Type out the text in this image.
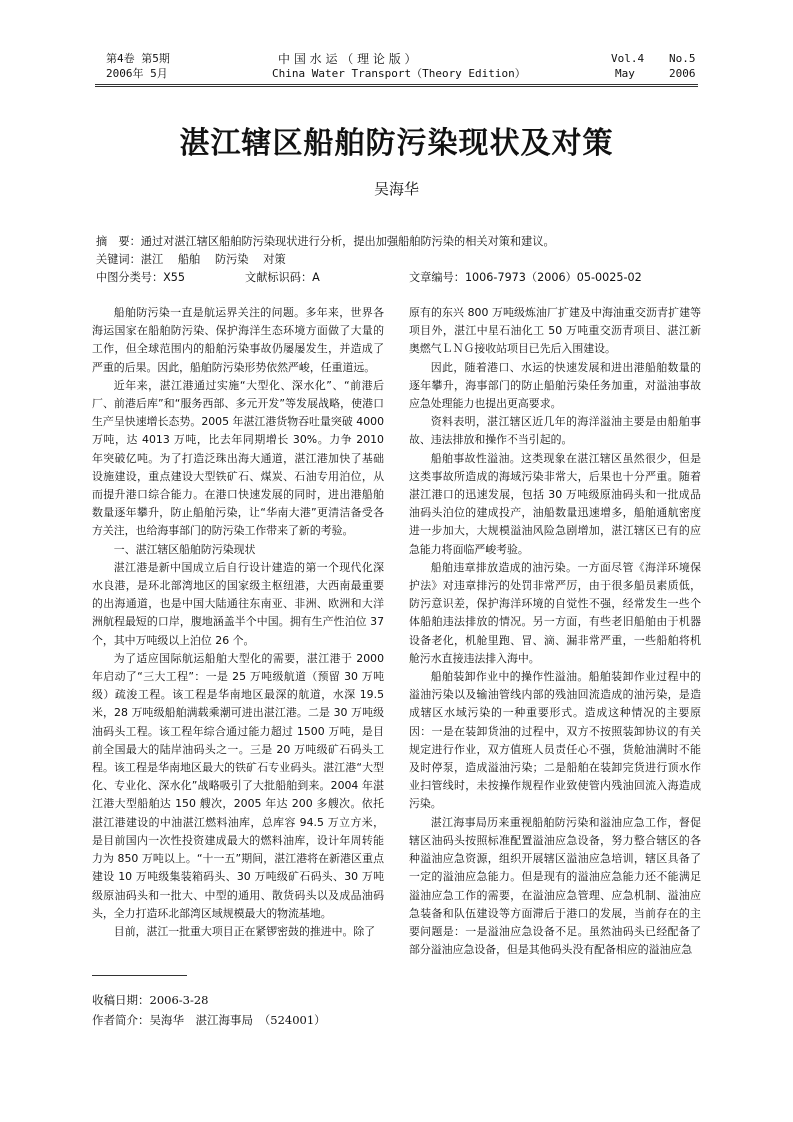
第4卷 第5期
2006年 5月
中 国 水 运 （ 理 论 版 ）
China Water Transport（Theory Edition）
Vol.4 No.5
May	2006
湛江辖区船舶防污染现状及对策
吴海华
摘　要：通过对湛江辖区船舶防污染现状进行分析，提出加强船舶防污染的相关对策和建议。
关键词：湛江　 船舶　 防污染　 对策
中图分类号：X55	文献标识码：A	文章编号：1006-7973（2006）05-0025-02

船舶防污染一直是航运界关注的问题。多年来，世界各海运国家在船舶防污染、保护海洋生态环境方面做了大量的工作，但全球范围内的船舶污染事故仍屡屡发生，并造成了严重的后果。因此，船舶防污染形势依然严峻，任重道远。

近年来，湛江港通过实施“大型化、深水化”、“前港后厂、前港后库”和“服务西部、多元开发”等发展战略，使港口生产呈快速增长态势。2005 年湛江港货物吞吐量突破 4000 万吨，达 4013 万吨，比去年同期增长 30%。力争 2010 年突破亿吨。为了打造泛珠出海大通道，湛江港加快了基础设施建设，重点建设大型铁矿石、煤炭、石油专用泊位，从而提升港口综合能力。在港口快速发展的同时，进出港船舶数量逐年攀升，防止船舶污染，让“华南大港”更清洁备受各方关注，也给海事部门的防污染工作带来了新的考验。

一、湛江辖区船舶防污染现状

湛江港是新中国成立后自行设计建造的第一个现代化深水良港，是环北部湾地区的国家级主枢纽港，大西南最重要的出海通道，也是中国大陆通往东南亚、非洲、欧洲和大洋洲航程最短的口岸，腹地涵盖半个中国。拥有生产性泊位 37 个，其中万吨级以上泊位 26 个。

为了适应国际航运船舶大型化的需要，湛江港于 2000 年启动了“三大工程”：一是 25 万吨级航道（预留 30 万吨级）疏浚工程。该工程是华南地区最深的航道，水深 19.5 米，28 万吨级船舶满载乘潮可进出湛江港。二是 30 万吨级油码头工程。该工程年综合通过能力超过 1500 万吨，是目前全国最大的陆岸油码头之一。三是 20 万吨级矿石码头工程。该工程是华南地区最大的铁矿石专业码头。湛江港“大型化、专业化、深水化”战略吸引了大批船舶到来。2004 年湛江港大型船舶达 150 艘次，2005 年达 200 多艘次。依托湛江港建设的中油湛江燃料油库，总库容 94.5 万立方米，是目前国内一次性投资建成最大的燃料油库，设计年周转能力为 850 万吨以上。“十一五”期间，湛江港将在新港区重点建设 10 万吨级集装箱码头、30 万吨级矿石码头、30 万吨级原油码头和一批大、中型的通用、散货码头以及成品油码头，全力打造环北部湾区域规模最大的物流基地。

目前，湛江一批重大项目正在紧锣密鼓的推进中。除了

原有的东兴 800 万吨级炼油厂扩建及中海油重交沥青扩建等项目外，湛江中星石油化工 50 万吨重交沥青项目、湛江新奥燃气ＬＮＧ接收站项目已先后入围建设。

因此，随着港口、水运的快速发展和进出港船舶数量的逐年攀升，海事部门的防止船舶污染任务加重，对溢油事故应急处理能力也提出更高要求。

资料表明，湛江辖区近几年的海洋溢油主要是由船舶事故、违法排放和操作不当引起的。

船舶事故性溢油。这类现象在湛江辖区虽然很少，但是这类事故所造成的海域污染非常大，后果也十分严重。随着湛江港口的迅速发展，包括 30 万吨级原油码头和一批成品油码头泊位的建成投产，油船数量迅速增多，船舶通航密度进一步加大，大规模溢油风险急剧增加，湛江辖区已有的应急能力将面临严峻考验。

船舶违章排放造成的油污染。一方面尽管《海洋环境保护法》对违章排污的处罚非常严厉，由于很多船员素质低，防污意识差，保护海洋环境的自觉性不强，经常发生一些个体船舶违法排放的情况。另一方面，有些老旧船舶由于机器设备老化，机舱里跑、冒、滴、漏非常严重，一些船舶将机舱污水直接违法排入海中。

船舶装卸作业中的操作性溢油。船舶装卸作业过程中的溢油污染以及输油管线内部的残油回流造成的油污染，是造成辖区水域污染的一种重要形式。造成这种情况的主要原因：一是在装卸货油的过程中，双方不按照装卸协议的有关规定进行作业，双方值班人员责任心不强，货舱油满时不能及时停泵，造成溢油污染；二是船舶在装卸完货进行顶水作业扫管线时，未按操作规程作业致使管内残油回流入海造成污染。

湛江海事局历来重视船舶防污染和溢油应急工作，督促辖区油码头按照标准配置溢油应急设备，努力整合辖区的各种溢油应急资源，组织开展辖区溢油应急培训，辖区具备了一定的溢油应急能力。但是现有的溢油应急能力还不能满足溢油应急工作的需要，在溢油应急管理、应急机制、溢油应急装备和队伍建设等方面滞后于港口的发展，当前存在的主要问题是：一是溢油应急设备不足。虽然油码头已经配备了部分溢油应急设备，但是其他码头没有配备相应的溢油应急

收稿日期：2006-3-28
作者简介：吴海华　湛江海事局　（524001）
